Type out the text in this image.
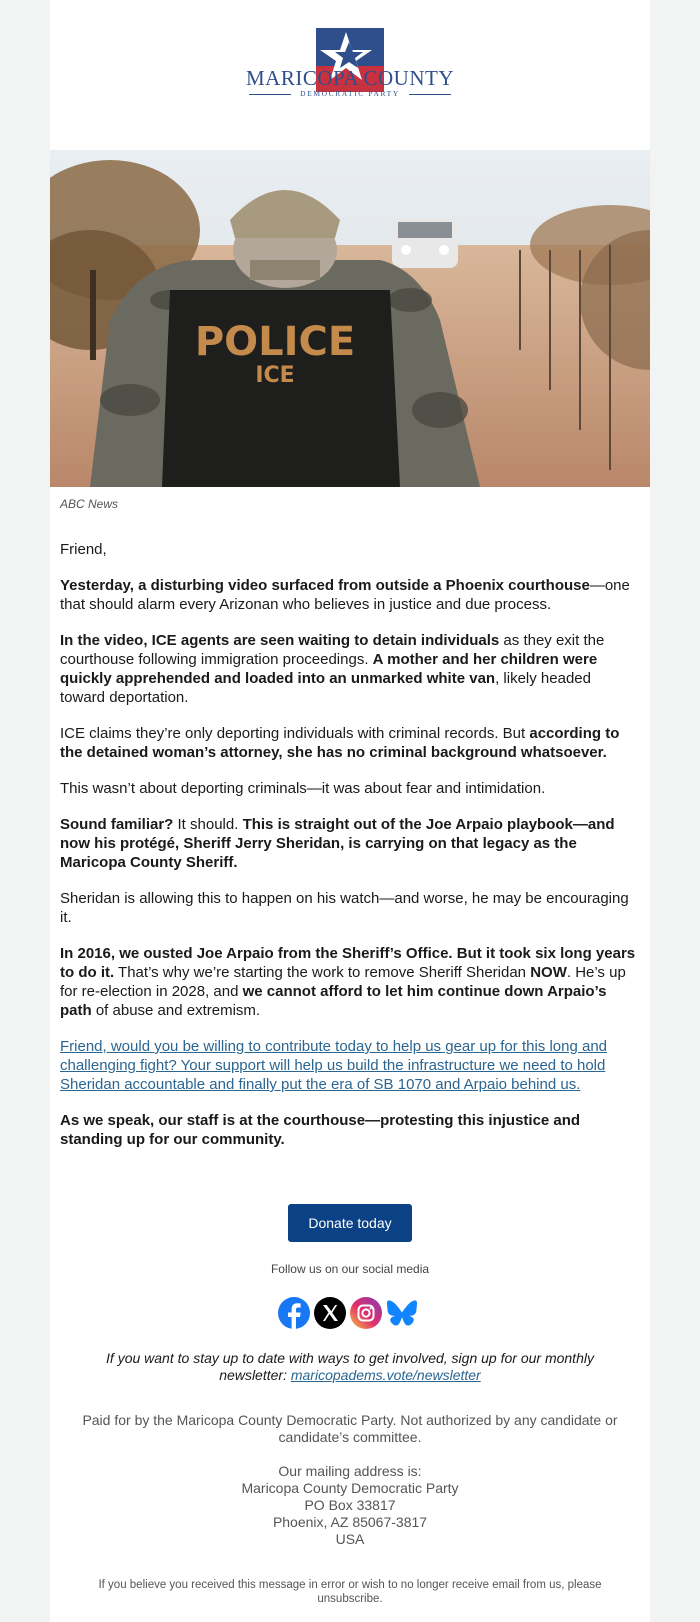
MARICOPA COUNTY
DEMOCRATIC PARTY
POLICE
ICE
ABC News

Friend,

Yesterday, a disturbing video surfaced from outside a Phoenix courthouse—one that should alarm every Arizonan who believes in justice and due process.

In the video, ICE agents are seen waiting to detain individuals as they exit the courthouse following immigration proceedings. A mother and her children were quickly apprehended and loaded into an unmarked white van, likely headed toward deportation.

ICE claims they’re only deporting individuals with criminal records. But according to the detained woman’s attorney, she has no criminal background whatsoever.

This wasn’t about deporting criminals—it was about fear and intimidation.

Sound familiar? It should. This is straight out of the Joe Arpaio playbook—and now his protégé, Sheriff Jerry Sheridan, is carrying on that legacy as the Maricopa County Sheriff.

Sheridan is allowing this to happen on his watch—and worse, he may be encouraging it.

In 2016, we ousted Joe Arpaio from the Sheriff’s Office. But it took six long years to do it. That’s why we’re starting the work to remove Sheriff Sheridan NOW. He’s up for re-election in 2028, and we cannot afford to let him continue down Arpaio’s path of abuse and extremism.

Friend, would you be willing to contribute today to help us gear up for this long and challenging fight? Your support will help us build the infrastructure we need to hold Sheridan accountable and finally put the era of SB 1070 and Arpaio behind us.

As we speak, our staff is at the courthouse—protesting this injustice and standing up for our community.

Donate today
Follow us on our social media
If you want to stay up to date with ways to get involved, sign up for our monthly newsletter: maricopadems.vote/newsletter
Paid for by the Maricopa County Democratic Party. Not authorized by any candidate or candidate’s committee.
Our mailing address is:
Maricopa County Democratic Party
PO Box 33817
Phoenix, AZ 85067-3817
USA
If you believe you received this message in error or wish to no longer receive email from us, please unsubscribe.
